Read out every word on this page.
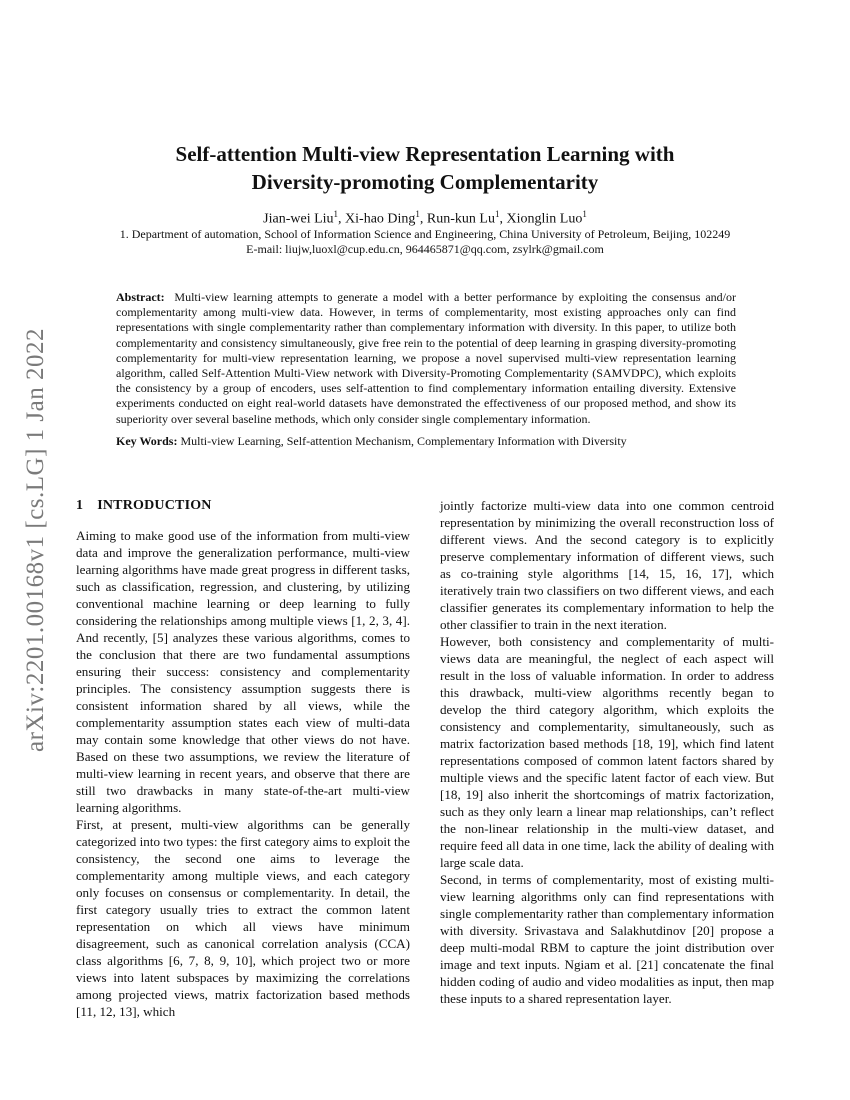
arXiv:2201.00168v1 [cs.LG] 1 Jan 2022
Self-attention Multi-view Representation Learning with
Diversity-promoting Complementarity
Jian-wei Liu$^1$, Xi-hao Ding$^1$, Run-kun Lu$^1$, Xionglin Luo$^1$
1. Department of automation, School of Information Science and Engineering, China University of Petroleum, Beijing, 102249
E-mail: liujw,luoxl@cup.edu.cn, 964465871@qq.com, zsylrk@gmail.com

Abstract: Multi-view learning attempts to generate a model with a better performance by exploiting the consensus and/or complementarity among multi-view data. However, in terms of complementarity, most existing approaches only can find representations with single complementarity rather than complementary information with diversity. In this paper, to utilize both complementarity and consistency simultaneously, give free rein to the potential of deep learning in grasping diversity-promoting complementarity for multi-view representation learning, we propose a novel supervised multi-view representation learning algorithm, called Self-Attention Multi-View network with Diversity-Promoting Complementarity (SAMVDPC), which exploits the consistency by a group of encoders, uses self-attention to find complementary information entailing diversity. Extensive experiments conducted on eight real-world datasets have demonstrated the effectiveness of our proposed method, and show its superiority over several baseline methods, which only consider single complementary information.

Key Words: Multi-view Learning, Self-attention Mechanism, Complementary Information with Diversity

1 INTRODUCTION

Aiming to make good use of the information from multi-view data and improve the generalization performance, multi-view learning algorithms have made great progress in different tasks, such as classification, regression, and clustering, by utilizing conventional machine learning or deep learning to fully considering the relationships among multiple views [1, 2, 3, 4]. And recently, [5] analyzes these various algorithms, comes to the conclusion that there are two fundamental assumptions ensuring their success: consistency and complementarity principles. The consistency assumption suggests there is consistent information shared by all views, while the complementarity assumption states each view of multi-data may contain some knowledge that other views do not have. Based on these two assumptions, we review the literature of multi-view learning in recent years, and observe that there are still two drawbacks in many state-of-the-art multi-view learning algorithms.

First, at present, multi-view algorithms can be generally categorized into two types: the first category aims to exploit the consistency, the second one aims to leverage the complementarity among multiple views, and each category only focuses on consensus or complementarity. In detail, the first category usually tries to extract the common latent representation on which all views have minimum disagreement, such as canonical correlation analysis (CCA) class algorithms [6, 7, 8, 9, 10], which project two or more views into latent subspaces by maximizing the correlations among projected views, matrix factorization based methods [11, 12, 13], which

jointly factorize multi-view data into one common centroid representation by minimizing the overall reconstruction loss of different views. And the second category is to explicitly preserve complementary information of different views, such as co-training style algorithms [14, 15, 16, 17], which iteratively train two classifiers on two different views, and each classifier generates its complementary information to help the other classifier to train in the next iteration.

However, both consistency and complementarity of multi-views data are meaningful, the neglect of each aspect will result in the loss of valuable information. In order to address this drawback, multi-view algorithms recently began to develop the third category algorithm, which exploits the consistency and complementarity, simultaneously, such as matrix factorization based methods [18, 19], which find latent representations composed of common latent factors shared by multiple views and the specific latent factor of each view. But [18, 19] also inherit the shortcomings of matrix factorization, such as they only learn a linear map relationships, can’t reflect the non-linear relationship in the multi-view dataset, and require feed all data in one time, lack the ability of dealing with large scale data.

Second, in terms of complementarity, most of existing multi-view learning algorithms only can find representations with single complementarity rather than complementary information with diversity. Srivastava and Salakhutdinov [20] propose a deep multi-modal RBM to capture the joint distribution over image and text inputs. Ngiam et al. [21] concatenate the final hidden coding of audio and video modalities as input, then map these inputs to a shared representation layer.
